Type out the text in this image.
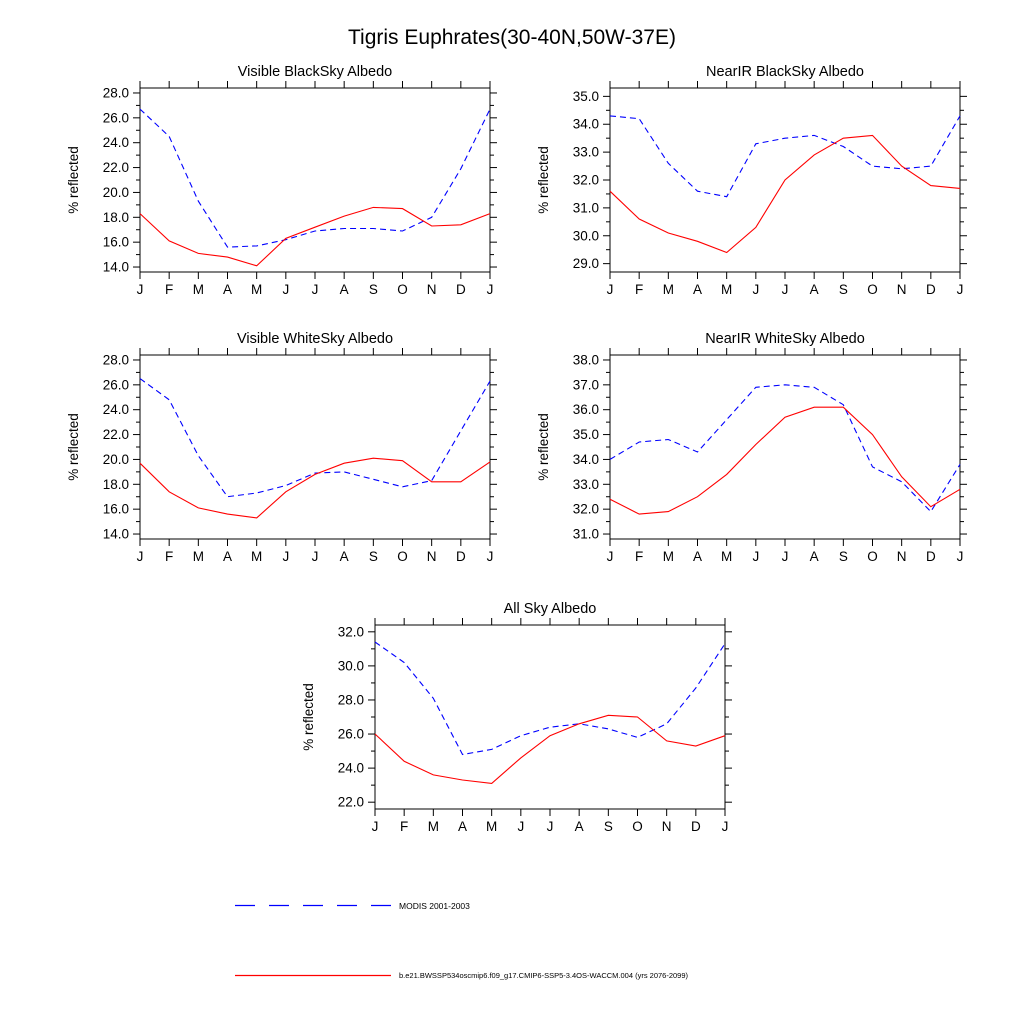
Tigris Euphrates(30-40N,50W-37E)
Visible BlackSky Albedo
% reflected
14.0
16.0
18.0
20.0
22.0
24.0
26.0
28.0
J F M A M J J A S O N D J
NearIR BlackSky Albedo
% reflected
29.0
30.0
31.0
32.0
33.0
34.0
35.0
J F M A M J J A S O N D J
Visible WhiteSky Albedo
% reflected
14.0
16.0
18.0
20.0
22.0
24.0
26.0
28.0
J F M A M J J A S O N D J
NearIR WhiteSky Albedo
% reflected
31.0
32.0
33.0
34.0
35.0
36.0
37.0
38.0
J F M A M J J A S O N D J
All Sky Albedo
% reflected
22.0
24.0
26.0
28.0
30.0
32.0
J F M A M J J A S O N D J
MODIS 2001-2003
b.e21.BWSSP534oscmip6.f09_g17.CMIP6-SSP5-3.4OS-WACCM.004 (yrs 2076-2099)
